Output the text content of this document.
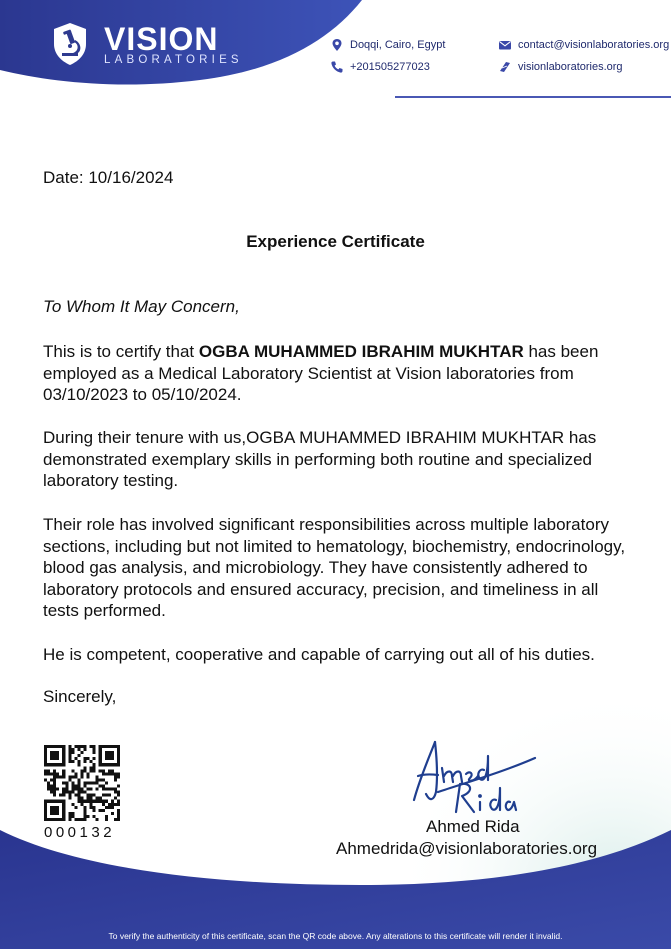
VISION
LABORATORIES
Doqqi, Cairo, Egypt
+201505277023
contact@visionlaboratories.org
visionlaboratories.org
Date: 10/16/2024
Experience Certificate
To Whom It May Concern,
This is to certify that OGBA MUHAMMED IBRAHIM MUKHTAR has been employed as a Medical Laboratory Scientist at Vision laboratories from 03/10/2023 to 05/10/2024.
During their tenure with us,OGBA MUHAMMED IBRAHIM MUKHTAR has demonstrated exemplary skills in performing both routine and specialized laboratory testing.
Their role has involved significant responsibilities across multiple laboratory sections, including but not limited to hematology, biochemistry, endocrinology, blood gas analysis, and microbiology. They have consistently adhered to laboratory protocols and ensured accuracy, precision, and timeliness in all tests performed.
He is competent, cooperative and capable of carrying out all of his duties.
Sincerely,
000132	Ahmed Rida
Ahmedrida@visionlaboratories.org
To verify the authenticity of this certificate, scan the QR code above. Any alterations to this certificate will render it invalid.
